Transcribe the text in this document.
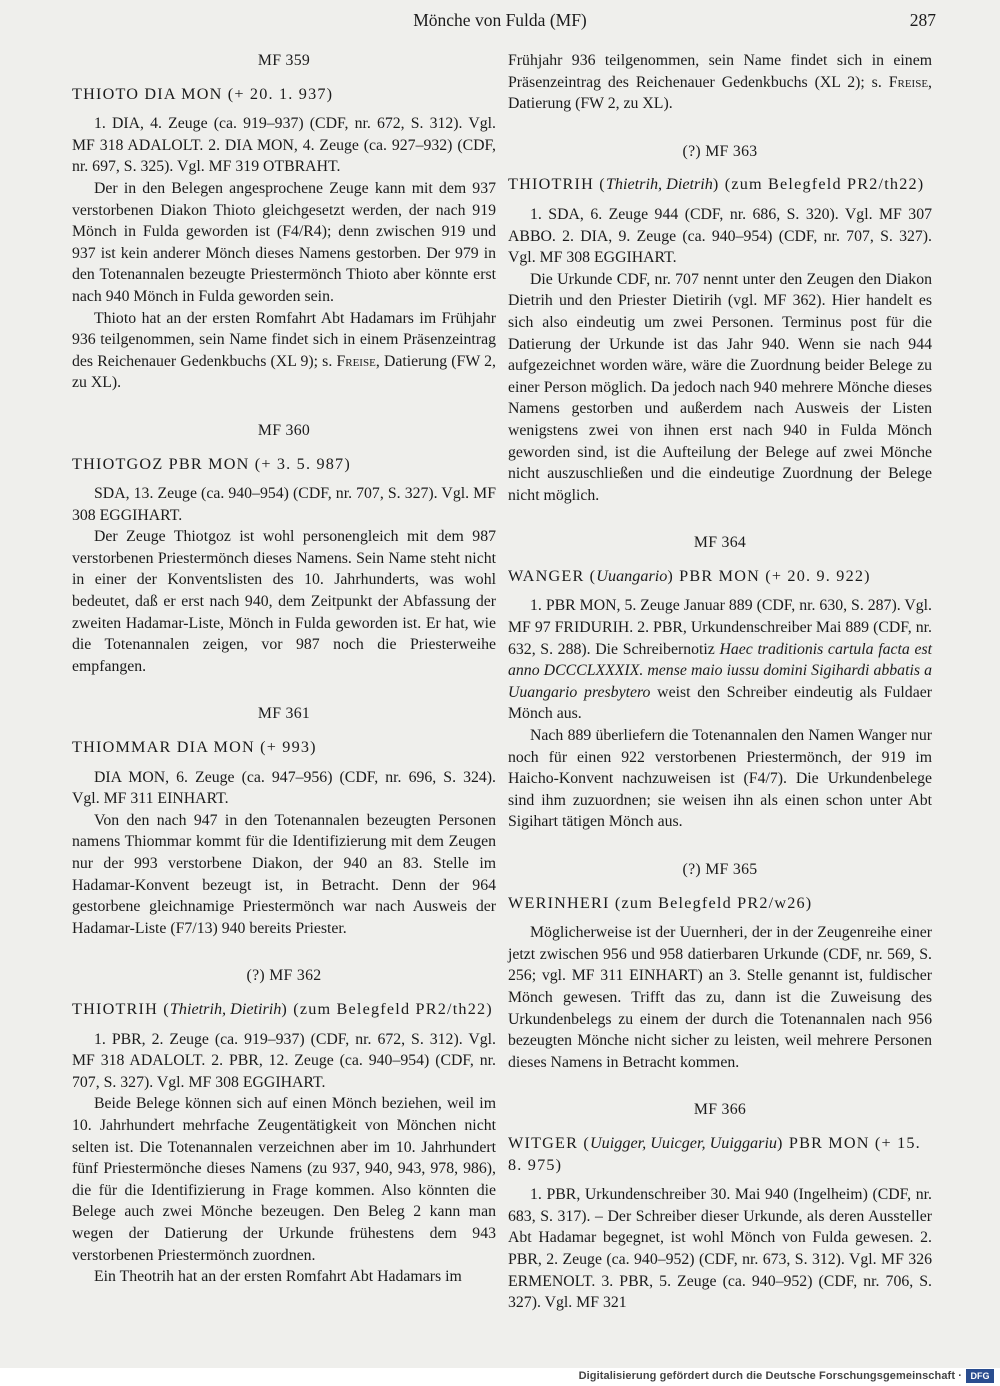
Mönche von Fulda (MF)	287
MF 359
THIOTO DIA MON (+ 20. 1. 937)

1. DIA, 4. Zeuge (ca. 919–937) (CDF, nr. 672, S. 312). Vgl. MF 318 ADALOLT. 2. DIA MON, 4. Zeuge (ca. 927–932) (CDF, nr. 697, S. 325). Vgl. MF 319 OTBRAHT.

Der in den Belegen angesprochene Zeuge kann mit dem 937 verstorbenen Diakon Thioto gleichgesetzt werden, der nach 919 Mönch in Fulda geworden ist (F4/R4); denn zwischen 919 und 937 ist kein anderer Mönch dieses Namens gestorben. Der 979 in den Totenannalen bezeugte Priestermönch Thioto aber könnte erst nach 940 Mönch in Fulda geworden sein.

Thioto hat an der ersten Romfahrt Abt Hadamars im Frühjahr 936 teilgenommen, sein Name findet sich in einem Präsenzeintrag des Reichenauer Gedenkbuchs (XL 9); s. Freise, Datierung (FW 2, zu XL).

MF 360
THIOTGOZ PBR MON (+ 3. 5. 987)

SDA, 13. Zeuge (ca. 940–954) (CDF, nr. 707, S. 327). Vgl. MF 308 EGGIHART.

Der Zeuge Thiotgoz ist wohl personengleich mit dem 987 verstorbenen Priestermönch dieses Namens. Sein Name steht nicht in einer der Konventslisten des 10. Jahrhunderts, was wohl bedeutet, daß er erst nach 940, dem Zeitpunkt der Abfassung der zweiten Hadamar-Liste, Mönch in Fulda geworden ist. Er hat, wie die Totenannalen zeigen, vor 987 noch die Priesterweihe empfangen.

MF 361
THIOMMAR DIA MON (+ 993)

DIA MON, 6. Zeuge (ca. 947–956) (CDF, nr. 696, S. 324). Vgl. MF 311 EINHART.

Von den nach 947 in den Totenannalen bezeugten Personen namens Thiommar kommt für die Identifizierung mit dem Zeugen nur der 993 verstorbene Diakon, der 940 an 83. Stelle im Hadamar-Konvent bezeugt ist, in Betracht. Denn der 964 gestorbene gleichnamige Priestermönch war nach Ausweis der Hadamar-Liste (F7/13) 940 bereits Priester.

(?) MF 362
THIOTRIH (Thietrih, Dietirih) (zum Belegfeld PR2/th22)

1. PBR, 2. Zeuge (ca. 919–937) (CDF, nr. 672, S. 312). Vgl. MF 318 ADALOLT. 2. PBR, 12. Zeuge (ca. 940–954) (CDF, nr. 707, S. 327). Vgl. MF 308 EGGIHART.

Beide Belege können sich auf einen Mönch beziehen, weil im 10. Jahrhundert mehrfache Zeugentätigkeit von Mönchen nicht selten ist. Die Totenannalen verzeichnen aber im 10. Jahrhundert fünf Priestermönche dieses Namens (zu 937, 940, 943, 978, 986), die für die Identifizierung in Frage kommen. Also könnten die Belege auch zwei Mönche bezeugen. Den Beleg 2 kann man wegen der Datierung der Urkunde frühestens dem 943 verstorbenen Priestermönch zuordnen.

Ein Theotrih hat an der ersten Romfahrt Abt Hadamars im

Frühjahr 936 teilgenommen, sein Name findet sich in einem Präsenzeintrag des Reichenauer Gedenkbuchs (XL 2); s. Freise, Datierung (FW 2, zu XL).

(?) MF 363
THIOTRIH (Thietrih, Dietrih) (zum Belegfeld PR2/th22)

1. SDA, 6. Zeuge 944 (CDF, nr. 686, S. 320). Vgl. MF 307 ABBO. 2. DIA, 9. Zeuge (ca. 940–954) (CDF, nr. 707, S. 327). Vgl. MF 308 EGGIHART.

Die Urkunde CDF, nr. 707 nennt unter den Zeugen den Diakon Dietrih und den Priester Dietirih (vgl. MF 362). Hier handelt es sich also eindeutig um zwei Personen. Terminus post für die Datierung der Urkunde ist das Jahr 940. Wenn sie nach 944 aufgezeichnet worden wäre, wäre die Zuordnung beider Belege zu einer Person möglich. Da jedoch nach 940 mehrere Mönche dieses Namens gestorben und außerdem nach Ausweis der Listen wenigstens zwei von ihnen erst nach 940 in Fulda Mönch geworden sind, ist die Aufteilung der Belege auf zwei Mönche nicht auszuschließen und die eindeutige Zuordnung der Belege nicht möglich.

MF 364
WANGER (Uuangario) PBR MON (+ 20. 9. 922)

1. PBR MON, 5. Zeuge Januar 889 (CDF, nr. 630, S. 287). Vgl. MF 97 FRIDURIH. 2. PBR, Urkundenschreiber Mai 889 (CDF, nr. 632, S. 288). Die Schreibernotiz Haec traditionis cartula facta est anno DCCCLXXXIX. mense maio iussu domini Sigihardi abbatis a Uuangario presbytero weist den Schreiber eindeutig als Fuldaer Mönch aus.

Nach 889 überliefern die Totenannalen den Namen Wanger nur noch für einen 922 verstorbenen Priestermönch, der 919 im Haicho-Konvent nachzuweisen ist (F4/7). Die Urkundenbelege sind ihm zuzuordnen; sie weisen ihn als einen schon unter Abt Sigihart tätigen Mönch aus.

(?) MF 365
WERINHERI (zum Belegfeld PR2/w26)

Möglicherweise ist der Uuernheri, der in der Zeugenreihe einer jetzt zwischen 956 und 958 datierbaren Urkunde (CDF, nr. 569, S. 256; vgl. MF 311 EINHART) an 3. Stelle genannt ist, fuldischer Mönch gewesen. Trifft das zu, dann ist die Zuweisung des Urkundenbelegs zu einem der durch die Totenannalen nach 956 bezeugten Mönche nicht sicher zu leisten, weil mehrere Personen dieses Namens in Betracht kommen.

MF 366
WITGER (Uuigger, Uuicger, Uuiggariu) PBR MON (+ 15. 8. 975)

1. PBR, Urkundenschreiber 30. Mai 940 (Ingelheim) (CDF, nr. 683, S. 317). – Der Schreiber dieser Urkunde, als deren Aussteller Abt Hadamar begegnet, ist wohl Mönch von Fulda gewesen. 2. PBR, 2. Zeuge (ca. 940–952) (CDF, nr. 673, S. 312). Vgl. MF 326 ERMENOLT. 3. PBR, 5. Zeuge (ca. 940–952) (CDF, nr. 706, S. 327). Vgl. MF 321

Digitalisierung gefördert durch die Deutsche Forschungsgemeinschaft · DFG
